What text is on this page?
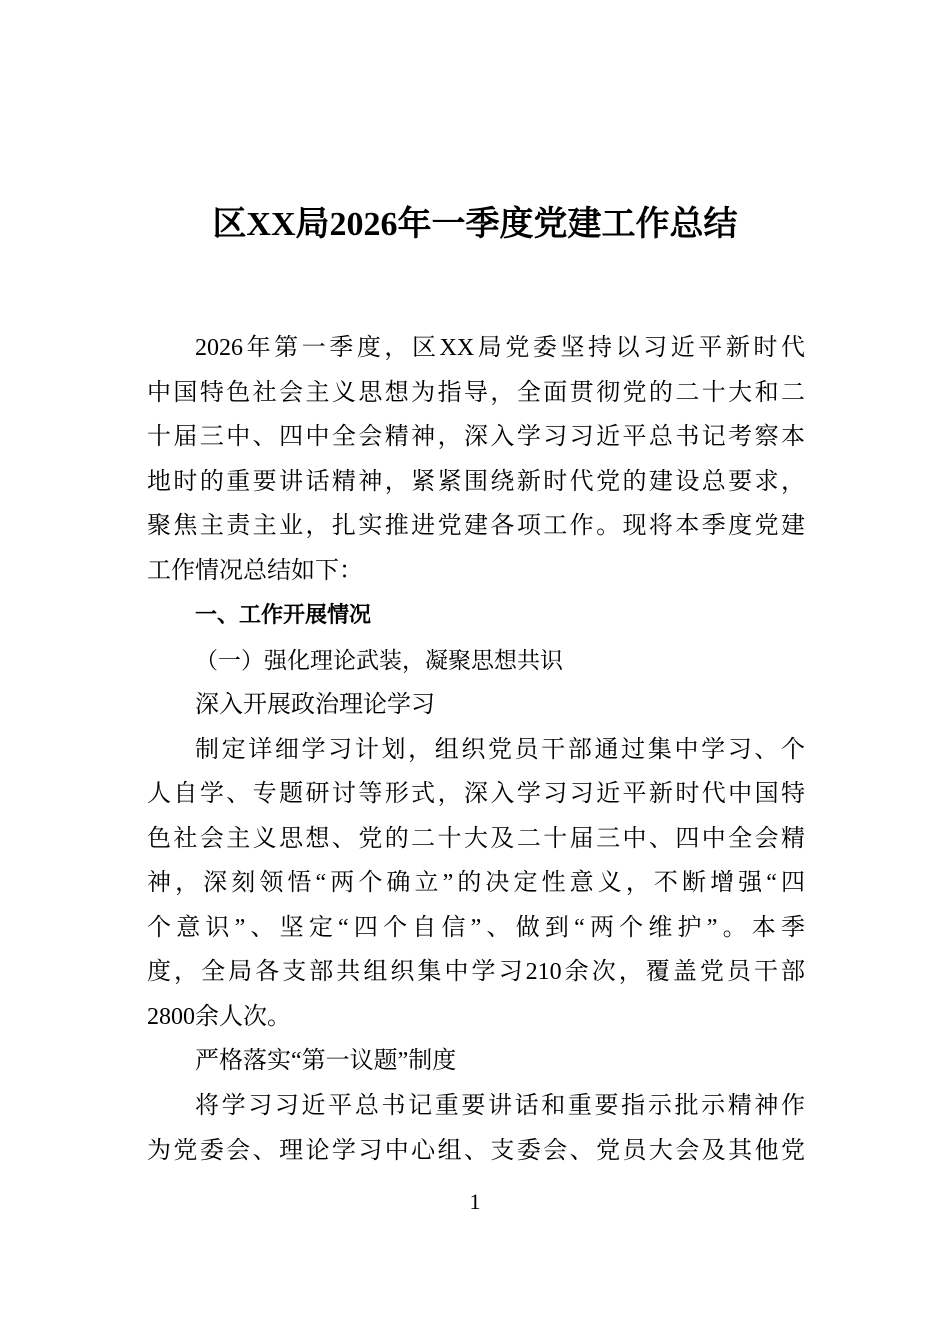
区XX局2026年一季度党建工作总结
2026年第一季度，区XX局党委坚持以习近平新时代
中国特色社会主义思想为指导，全面贯彻党的二十大和二
十届三中、四中全会精神，深入学习习近平总书记考察本
地时的重要讲话精神，紧紧围绕新时代党的建设总要求，
聚焦主责主业，扎实推进党建各项工作。现将本季度党建
工作情况总结如下：
一、工作开展情况
（一）强化理论武装，凝聚思想共识
深入开展政治理论学习
制定详细学习计划，组织党员干部通过集中学习、个
人自学、专题研讨等形式，深入学习习近平新时代中国特
色社会主义思想、党的二十大及二十届三中、四中全会精
神，深刻领悟“两个确立”的决定性意义，不断增强“四
个意识”、坚定“四个自信”、做到“两个维护”。本季
度，全局各支部共组织集中学习210余次，覆盖党员干部
2800余人次。
严格落实“第一议题”制度
将学习习近平总书记重要讲话和重要指示批示精神作
为党委会、理论学习中心组、支委会、党员大会及其他党
1
